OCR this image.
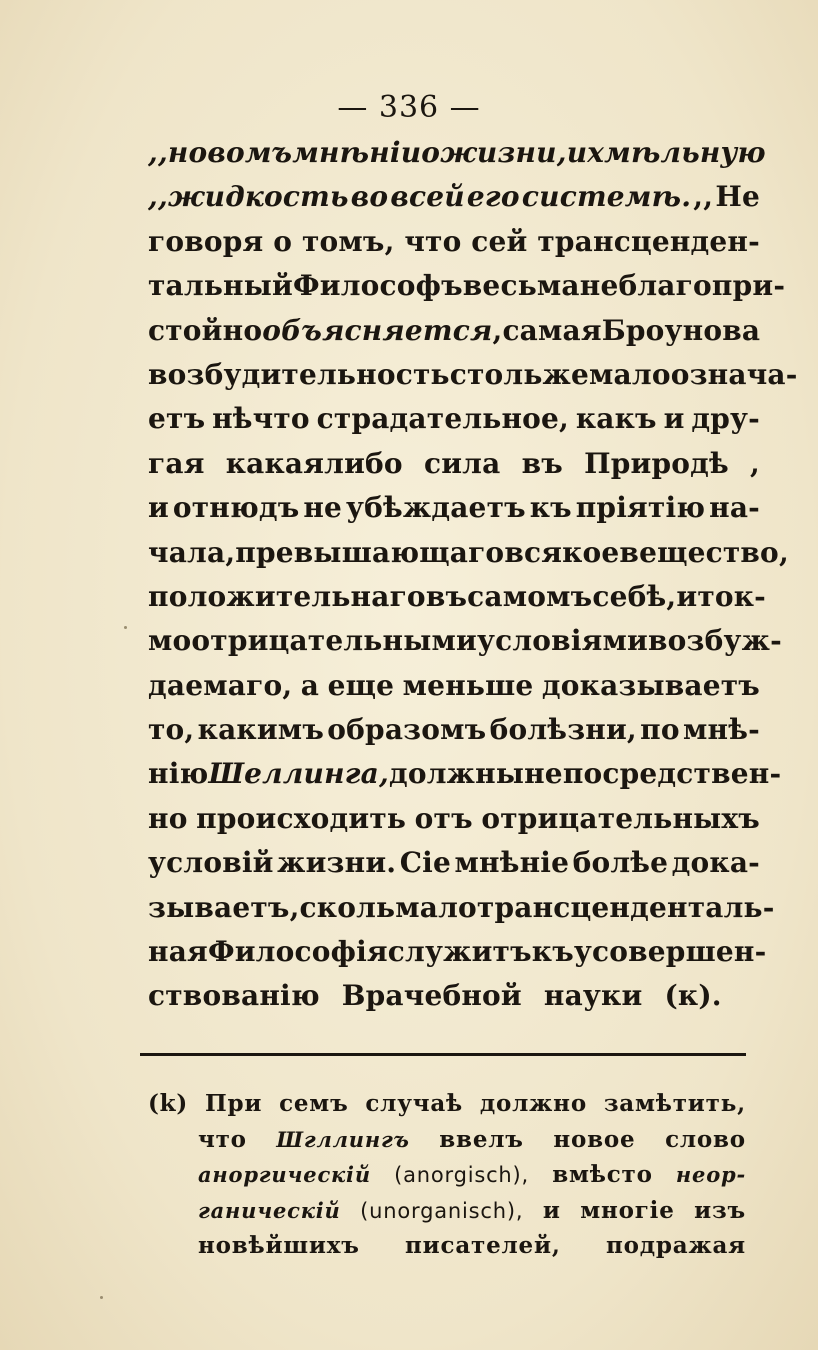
— 336 —
,,новомъ мнѣніи о жизни, и хмѣльную
,,жидкость во всей его системѣ. ,, Не
говоря о томъ, что сей трансценден-
тальный Философъ весьма неблагопри-
стойно объясняется , самая Броунова
возбудительность стольже мало означа-
етъ нѣчто страдательное, какъ и дру-
гая какаялибо сила въ Природѣ ,
и отнюдъ не убѣждаетъ къ прiятiю на-
чала, превышающаго всякое вещество ,
положительнаго въ самомъ себѣ, и ток-
мо отрицательными условiями возбуж-
даемаго, а еще меньше доказываетъ
то, какимъ образомъ болѣзни, по мнѣ-
нiю Шеллинга, должны непосредствен-
но происходить отъ отрицательныхъ
условiй жизни. Сiе мнѣнiе болѣе дока-
зываетъ, сколь мало трансценденталь-
ная Философiя служитъ къ усовершен-
ствованiю Врачебной науки (к).
(k) При семъ случаѣ должно замѣтить,
что Шгллингъ ввелъ новое слово
анoргическiй (anorgisch), вмѣсто неор-
ганическiй (unorganisch), и многiе изъ
новѣйшихъ писателей, подражая
